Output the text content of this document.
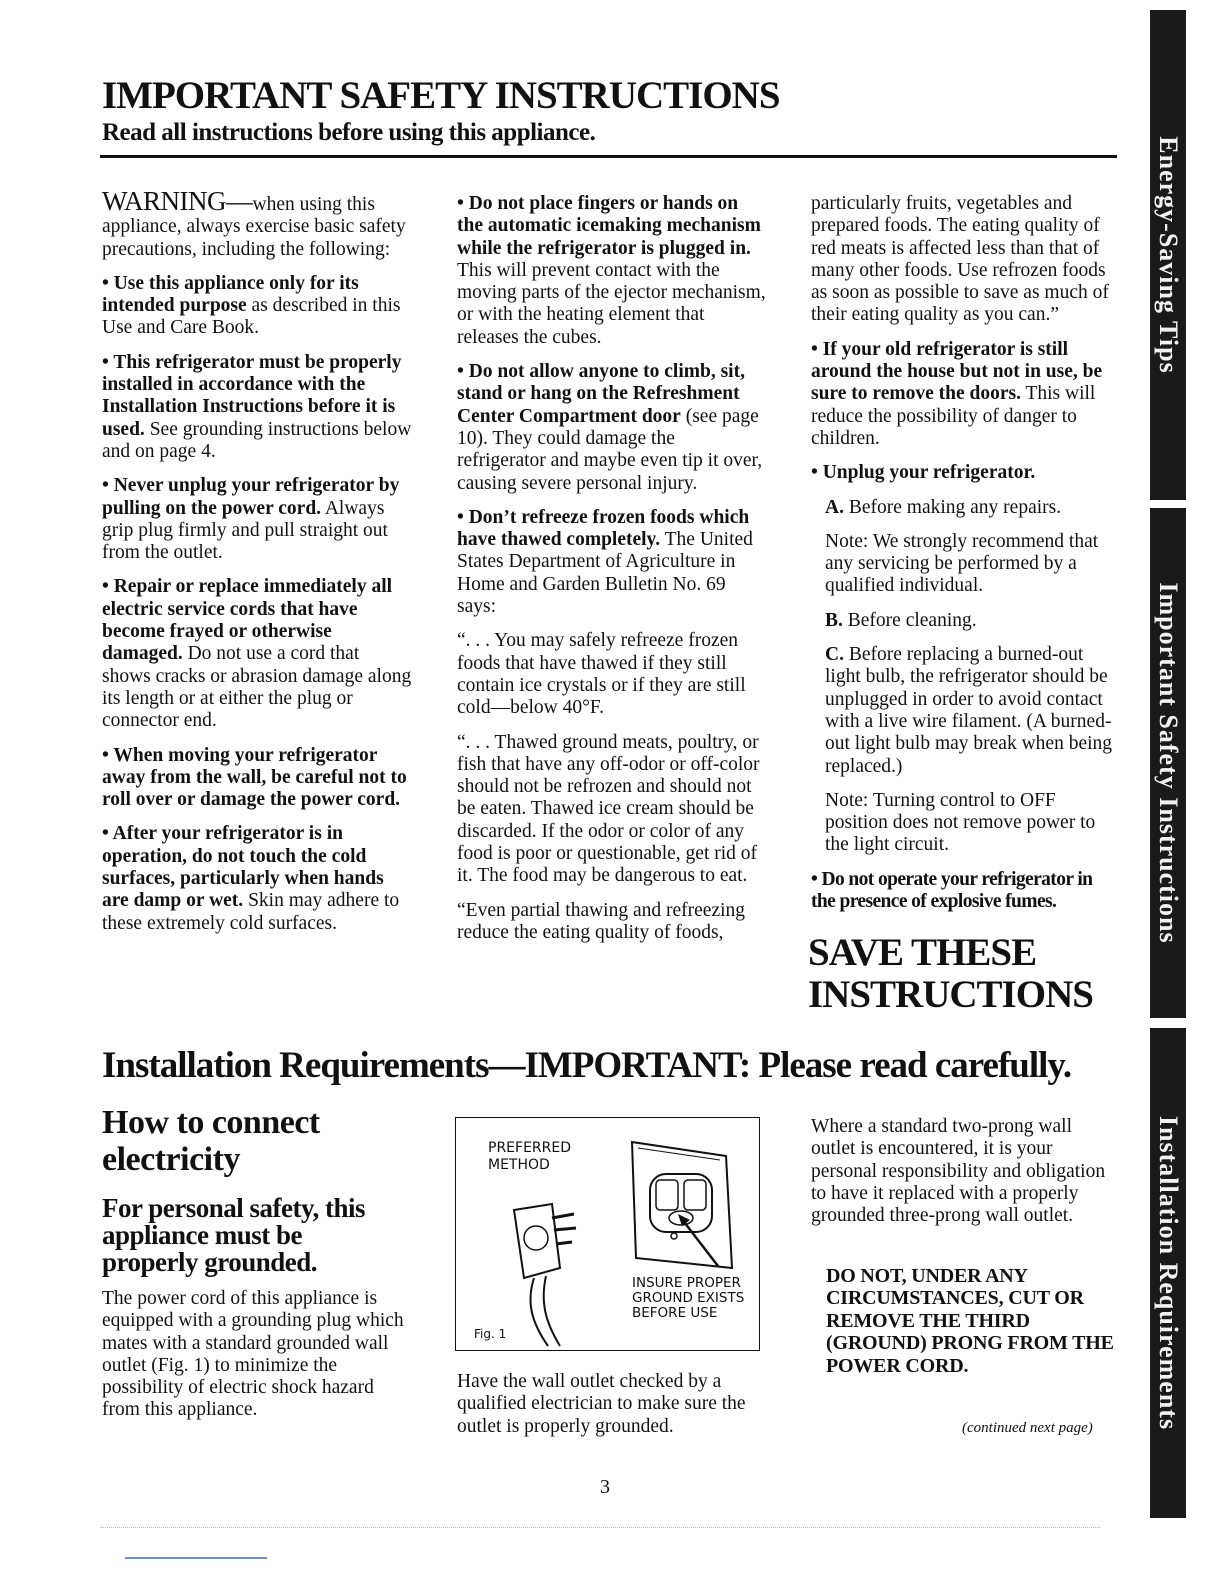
IMPORTANT SAFETY INSTRUCTIONS
Read all instructions before using this appliance.

WARNING—when using this appliance, always exercise basic safety precautions, including the following:

• Use this appliance only for its intended purpose as described in this Use and Care Book.

• This refrigerator must be properly installed in accordance with the Installation Instructions before it is used. See grounding instructions below and on page 4.

• Never unplug your refrigerator by pulling on the power cord. Always grip plug firmly and pull straight out from the outlet.

• Repair or replace immediately all electric service cords that have become frayed or otherwise damaged. Do not use a cord that shows cracks or abrasion damage along its length or at either the plug or connector end.

• When moving your refrigerator away from the wall, be careful not to roll over or damage the power cord.

• After your refrigerator is in operation, do not touch the cold surfaces, particularly when hands are damp or wet. Skin may adhere to these extremely cold surfaces.

• Do not place fingers or hands on the automatic icemaking mechanism while the refrigerator is plugged in. This will prevent contact with the moving parts of the ejector mechanism, or with the heating element that releases the cubes.

• Do not allow anyone to climb, sit, stand or hang on the Refreshment Center Compartment door (see page 10). They could damage the refrigerator and maybe even tip it over, causing severe personal injury.

• Don’t refreeze frozen foods which have thawed completely. The United States Department of Agriculture in Home and Garden Bulletin No. 69 says:

“. . . You may safely refreeze frozen foods that have thawed if they still contain ice crystals or if they are still cold—below 40°F.

“. . . Thawed ground meats, poultry, or fish that have any off-odor or off-color should not be refrozen and should not be eaten. Thawed ice cream should be discarded. If the odor or color of any food is poor or questionable, get rid of it. The food may be dangerous to eat.

“Even partial thawing and refreezing reduce the eating quality of foods,

particularly fruits, vegetables and prepared foods. The eating quality of red meats is affected less than that of many other foods. Use refrozen foods as soon as possible to save as much of their eating quality as you can.”

• If your old refrigerator is still around the house but not in use, be sure to remove the doors. This will reduce the possibility of danger to children.

• Unplug your refrigerator.

A. Before making any repairs.

Note: We strongly recommend that any servicing be performed by a qualified individual.

B. Before cleaning.

C. Before replacing a burned-out light bulb, the refrigerator should be unplugged in order to avoid contact with a live wire filament. (A burned-out light bulb may break when being replaced.)

Note: Turning control to OFF position does not remove power to the light circuit.

• Do not operate your refrigerator in the presence of explosive fumes.

SAVE THESE
INSTRUCTIONS
Installation Requirements—IMPORTANT: Please read carefully.
How to connect
electricity
For personal safety, this appliance must be properly grounded.
The power cord of this appliance is equipped with a grounding plug which mates with a standard grounded wall outlet (Fig. 1) to minimize the possibility of electric shock hazard from this appliance.
PREFERRED
METHOD
INSURE PROPER
GROUND EXISTS
BEFORE USE
Fig. 1
Have the wall outlet checked by a qualified electrician to make sure the outlet is properly grounded.
Where a standard two-prong wall outlet is encountered, it is your personal responsibility and obligation to have it replaced with a properly grounded three-prong wall outlet.
DO NOT, UNDER ANY CIRCUMSTANCES, CUT OR REMOVE THE THIRD (GROUND) PRONG FROM THE POWER CORD.
(continued next page)
3
Energy-Saving Tips
Important Safety Instructions
Installation Requirements
